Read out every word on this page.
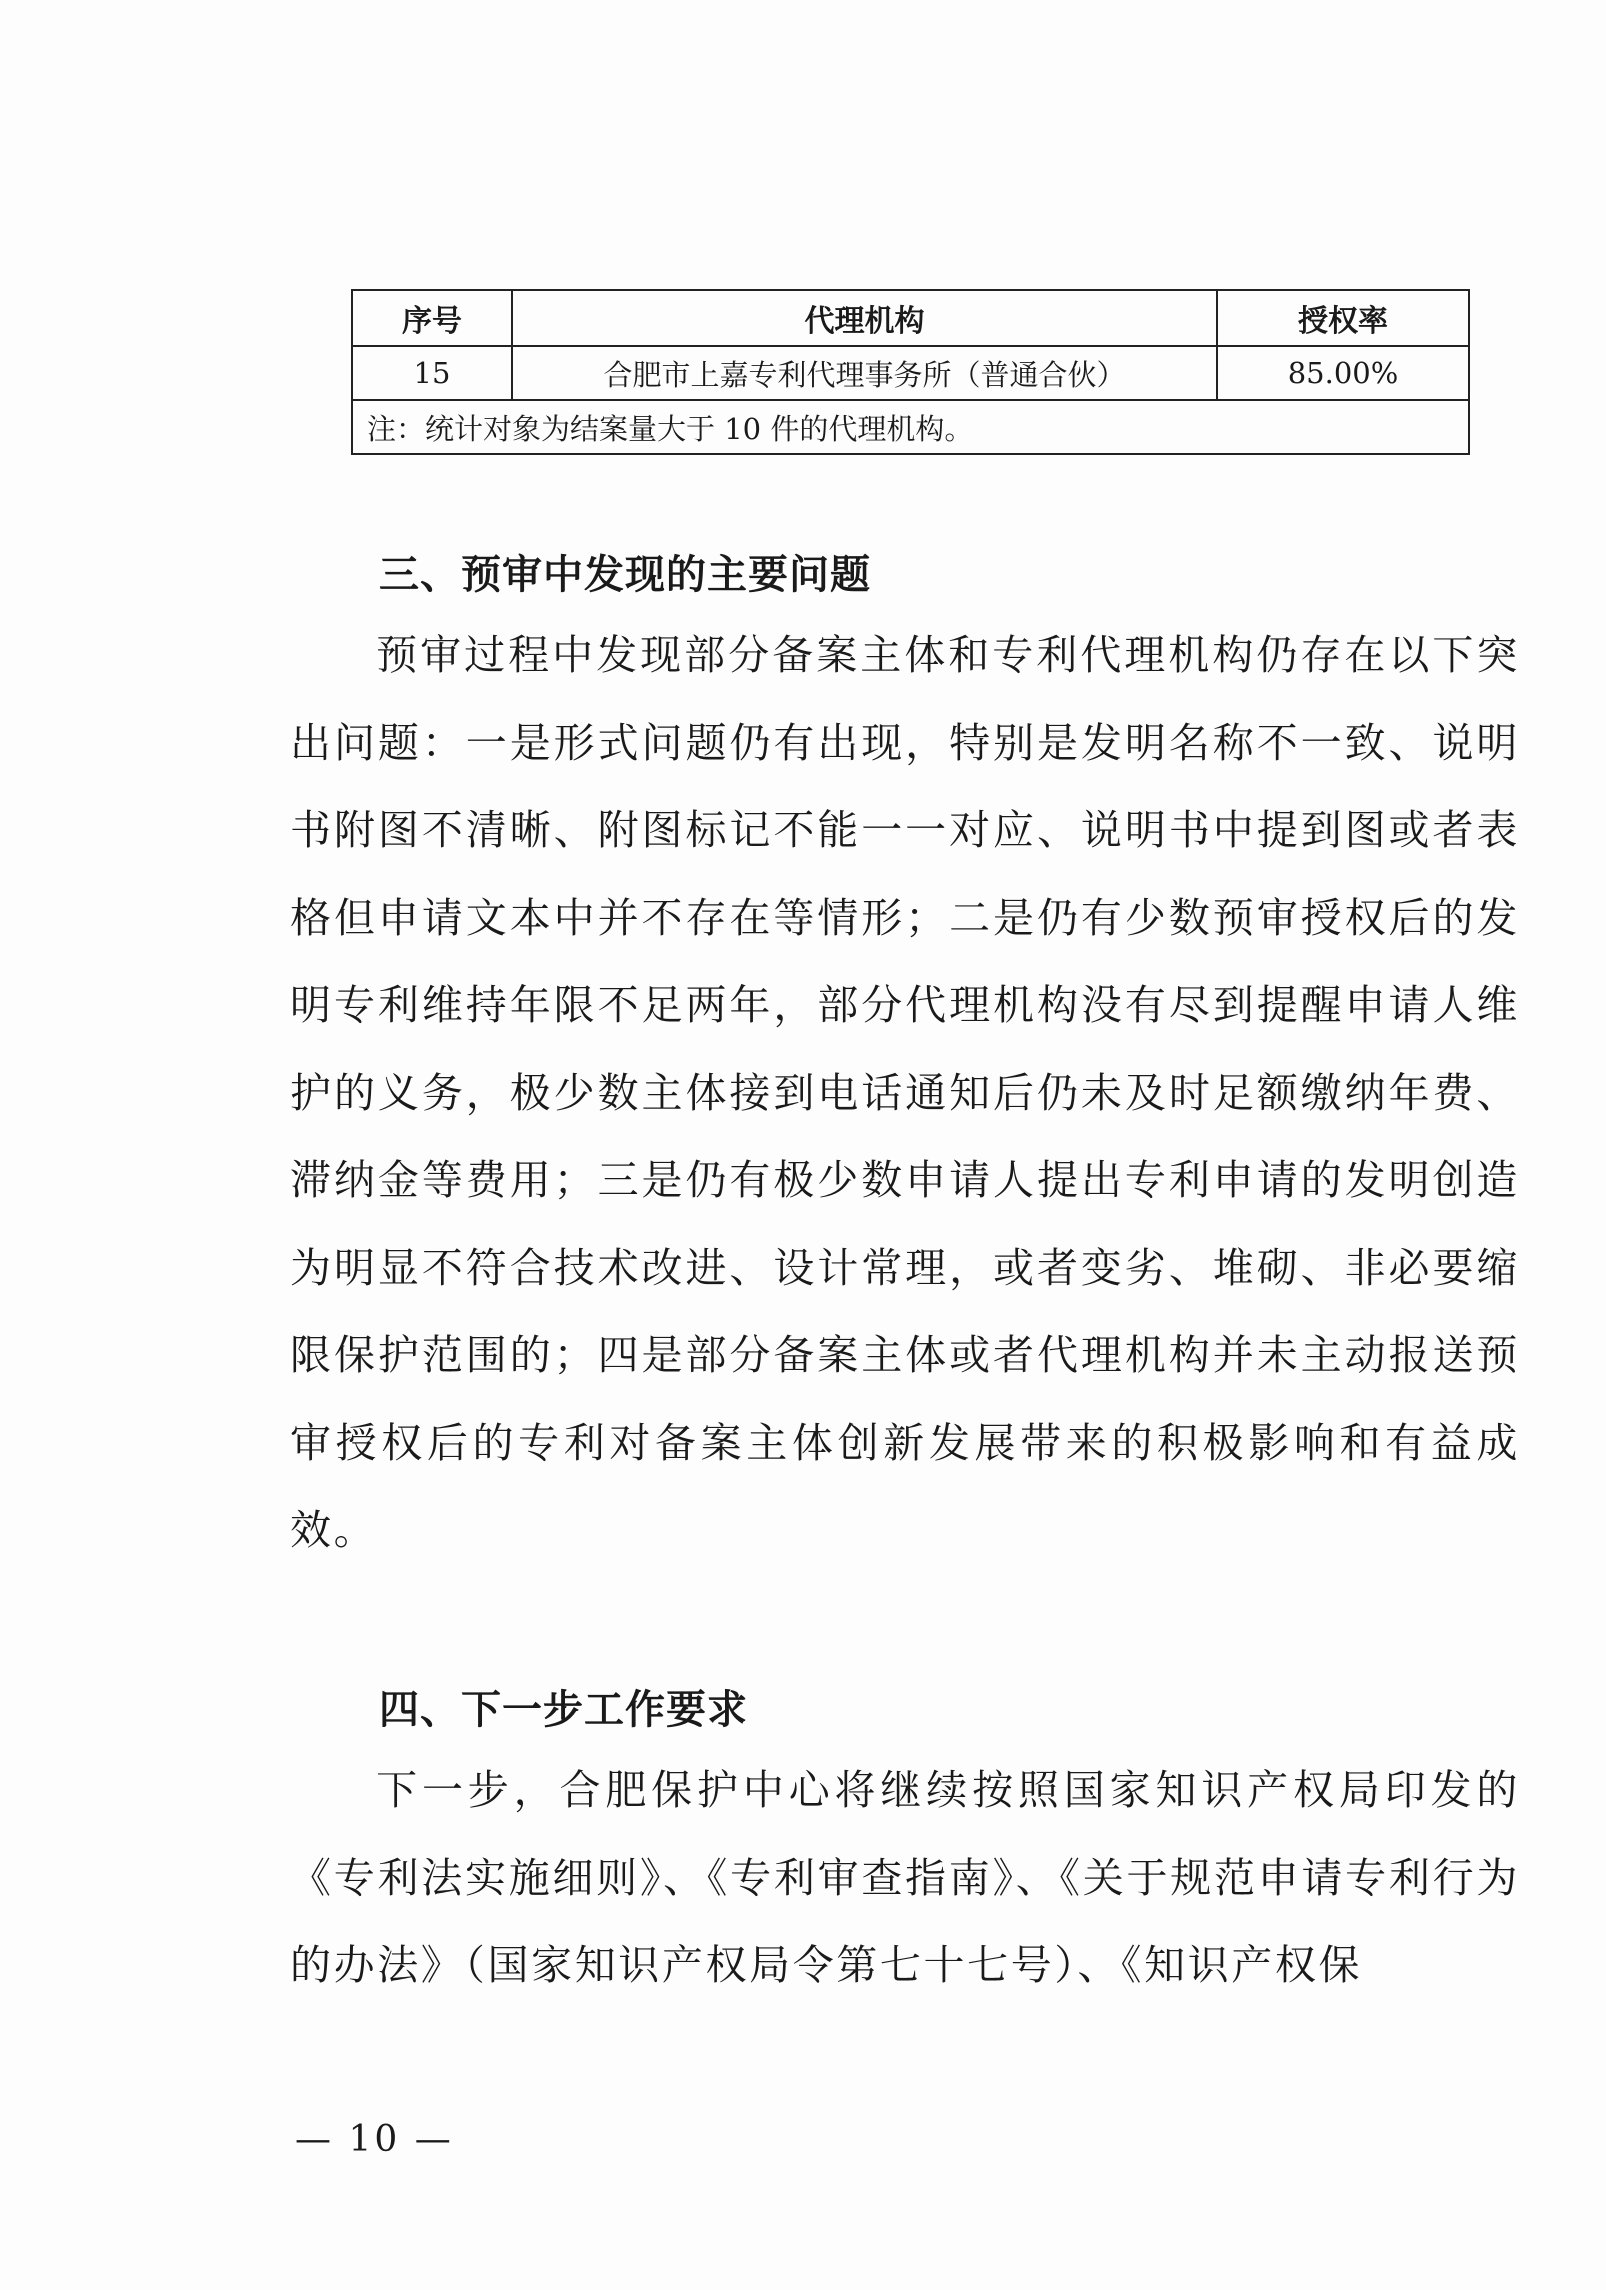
序号	代理机构	授权率
15	合肥市上嘉专利代理事务所（普通合伙）	85.00%
注：统计对象为结案量大于 10 件的代理机构。		
三、预审中发现的主要问题

预审过程中发现部分备案主体和专利代理机构仍存在以下突出问题：一是形式问题仍有出现，特别是发明名称不一致、说明书附图不清晰、附图标记不能一一对应、说明书中提到图或者表格但申请文本中并不存在等情形；二是仍有少数预审授权后的发明专利维持年限不足两年，部分代理机构没有尽到提醒申请人维护的义务，极少数主体接到电话通知后仍未及时足额缴纳年费、滞纳金等费用；三是仍有极少数申请人提出专利申请的发明创造为明显不符合技术改进、设计常理，或者变劣、堆砌、非必要缩限保护范围的；四是部分备案主体或者代理机构并未主动报送预审授权后的专利对备案主体创新发展带来的积极影响和有益成效。

四、下一步工作要求

下一步，合肥保护中心将继续按照国家知识产权局印发的《专利法实施细则》、《专利审查指南》、《关于规范申请专利行为的办法》（国家知识产权局令第七十七号）、《知识产权保

— 10 —
